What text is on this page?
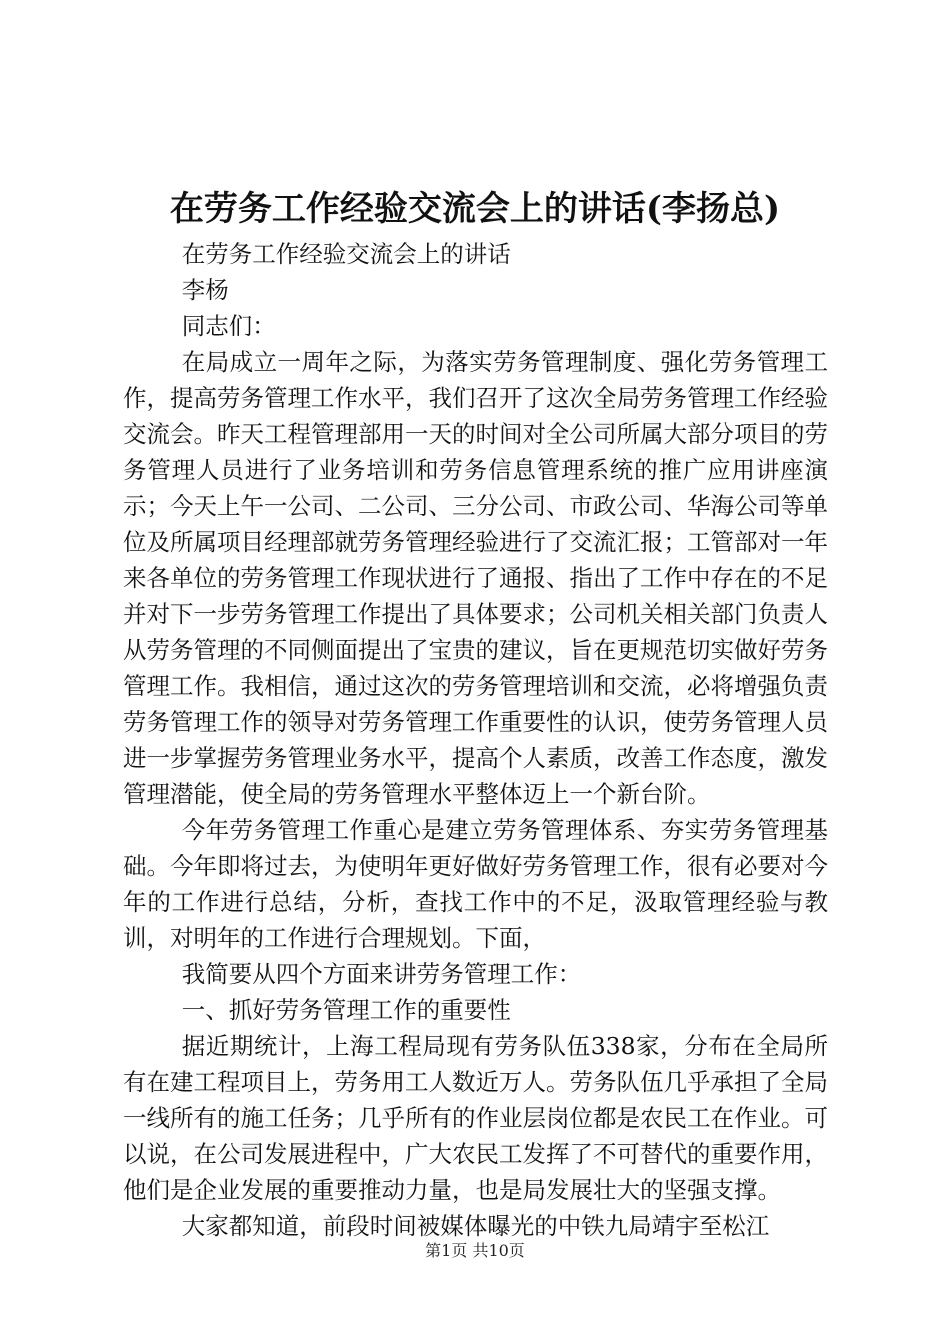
在劳务工作经验交流会上的讲话(李扬总)

在劳务工作经验交流会上的讲话

李杨

同志们：

在局成立一周年之际，为落实劳务管理制度、强化劳务管理工作，提高劳务管理工作水平，我们召开了这次全局劳务管理工作经验交流会。昨天工程管理部用一天的时间对全公司所属大部分项目的劳务管理人员进行了业务培训和劳务信息管理系统的推广应用讲座演示；今天上午一公司、二公司、三分公司、市政公司、华海公司等单位及所属项目经理部就劳务管理经验进行了交流汇报；工管部对一年来各单位的劳务管理工作现状进行了通报、指出了工作中存在的不足并对下一步劳务管理工作提出了具体要求；公司机关相关部门负责人从劳务管理的不同侧面提出了宝贵的建议，旨在更规范切实做好劳务管理工作。我相信，通过这次的劳务管理培训和交流，必将增强负责劳务管理工作的领导对劳务管理工作重要性的认识，使劳务管理人员进一步掌握劳务管理业务水平，提高个人素质，改善工作态度，激发管理潜能，使全局的劳务管理水平整体迈上一个新台阶。

今年劳务管理工作重心是建立劳务管理体系、夯实劳务管理基础。今年即将过去，为使明年更好做好劳务管理工作，很有必要对今年的工作进行总结，分析，查找工作中的不足，汲取管理经验与教训，对明年的工作进行合理规划。下面，

我简要从四个方面来讲劳务管理工作：

一、抓好劳务管理工作的重要性

据近期统计，上海工程局现有劳务队伍338家，分布在全局所有在建工程项目上，劳务用工人数近万人。劳务队伍几乎承担了全局一线所有的施工任务；几乎所有的作业层岗位都是农民工在作业。可以说，在公司发展进程中，广大农民工发挥了不可替代的重要作用，他们是企业发展的重要推动力量，也是局发展壮大的坚强支撑。

大家都知道，前段时间被媒体曝光的中铁九局靖宇至松江

第1页 共10页
